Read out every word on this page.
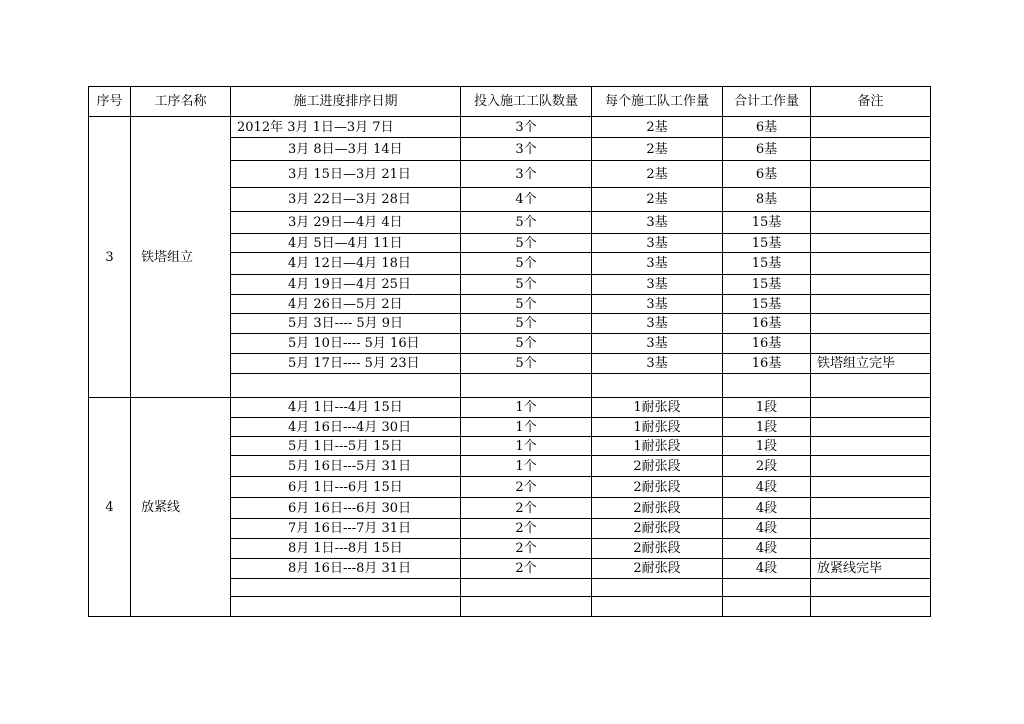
序号	工序名称	施工进度排序日期	投入施工工队数量	每个施工队工作量	合计工作量	备注
3	铁塔组立	2012年 3月 1日—3月 7日	3个	2基	6基	
		3月 8日—3月 14日	3个	2基	6基	
		3月 15日—3月 21日	3个	2基	6基	
		3月 22日—3月 28日	4个	2基	8基	
		3月 29日—4月 4日	5个	3基	15基	
		4月 5日—4月 11日	5个	3基	15基	
		4月 12日—4月 18日	5个	3基	15基	
		4月 19日—4月 25日	5个	3基	15基	
		4月 26日—5月 2日	5个	3基	15基	
		5月 3日---- 5月 9日	5个	3基	16基	
		5月 10日---- 5月 16日	5个	3基	16基	
		5月 17日---- 5月 23日	5个	3基	16基	铁塔组立完毕

4	放紧线	4月 1日---4月 15日	1个	1耐张段	1段	
		4月 16日---4月 30日	1个	1耐张段	1段	
		5月 1日---5月 15日	1个	1耐张段	1段	
		5月 16日---5月 31日	1个	2耐张段	2段	
		6月 1日---6月 15日	2个	2耐张段	4段	
		6月 16日---6月 30日	2个	2耐张段	4段	
		7月 16日---7月 31日	2个	2耐张段	4段	
		8月 1日---8月 15日	2个	2耐张段	4段	
		8月 16日---8月 31日	2个	2耐张段	4段	放紧线完毕
